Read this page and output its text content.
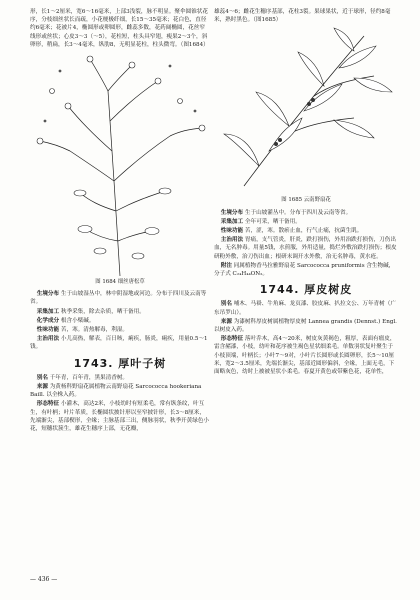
形，长1～2厘米，宽6～16毫米，上部3浅裂，脉不明显。聚伞圆锥状花序，分枝细丝状长而疏，小花梗极纤细，长15～35毫米；花白色，直径约6毫米；花被片4，椭圆形或卵圆形，雌蕊多数，花药阔椭圆，花丝窄线形或丝状；心皮3～3（～5），花柱短，柱头具窄翅，瘦果2～3个，斜卵形，稍扁，长3～4毫米，纵肋8，无明显花柱，柱头微弯。（图1684）

图 1684 细丝唐松草

生境分布 生于山坡湿丛中，林中阴湿地或河边。分布于四川及云南等省。

采集加工 秋季采集，除去杂质，晒干备用。

化学成分 根含小檗碱。

性味功能 苦，寒。清热解毒，利湿。

主治用法 小儿高热，解表，百日咳，痢疾，肠炎，痢疾，用量0.5～1钱。

1743. 厚叶子树

别名 千年青，百年青，黑果清香树。

来源 为黄杨科野扇花属植物云南野扇花 Sarcococca hookeriana Baill. 以全株入药。

形态特征 小灌木，高达2米，小枝幼时有短柔毛，常有纵条纹，叶互生，有叶柄；叶片革质，长椭圆状披针形以至窄披针形，长3～8厘米，先端渐尖，基部楔形，全缘；主脉基部三出，侧脉羽状，秋季开黄绿色小花，短穗状簇生，雄花生穗序上部，无花瓣，

雄蕊4～6；雌花生穗序基部，花柱3裂。果球果状，近于球形，径约8毫米，熟时黑色。（图1685）

图 1685 云南野扇花

生境分布 生于山坡灌丛中。分布于四川及云南等省。

采集加工 全年可采，晒干备用。

性味功能 苦，涩，寒。散瘀止血，行气止痛，抗菌生肌。

主治用法 胃痛，支气管炎，肝炎，跌打损伤，外用治跌打损伤，刀伤出血，无名肿毒。用量5钱，水煎服，外用适量，捣烂外敷治跌打损伤；根皮研粉外敷，治刀伤出血；根研末调开水外敷，治无名肿毒，黄水疮。

附注 同属植物香马拉雅野扇花 Sarcococca pruniformis 含生物碱，分子式 C₂₄H₄₄ON₂。

1744. 厚皮树皮

别名 哺木、马褂、牛角麻、龙页漆、胶皮麻、扒拉文公、万年青树（广东吊罗山）。

来源 为漆树科厚皮树属植物厚皮树 Lannea grandis (Dennst.) Engl. 以树皮入药。

形态特征 落叶乔木，高4～20米，树皮灰黄褐色，粗厚，表面有瘤皮，雷含赭漆，小枝，幼叶和花序被生褐色星状细柔毛。单数羽状复叶聚生于小枝顶端，叶柄长；小叶7～9对，小叶片长圆形或长圆卵形，长5～10厘米，宽2～3.5厘米，先端长渐尖，基部近圆形偏斜，全缘，上面无毛，下面略灰色，幼时上被被星状小柔毛。春夏开黄色或带紫色花，花单性，

— 436 —
